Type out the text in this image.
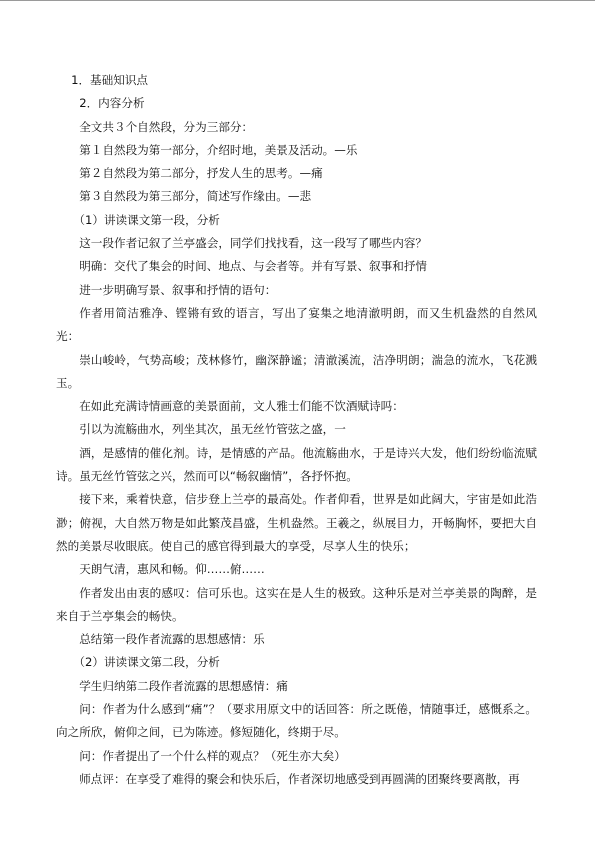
1．基础知识点

2．内容分析

全文共３个自然段，分为三部分：

第１自然段为第一部分，介绍时地，美景及活动。—乐

第２自然段为第二部分，抒发人生的思考。—痛

第３自然段为第三部分，简述写作缘由。—悲

（1）讲读课文第一段，分析

这一段作者记叙了兰亭盛会，同学们找找看，这一段写了哪些内容？

明确：交代了集会的时间、地点、与会者等。并有写景、叙事和抒情

进一步明确写景、叙事和抒情的语句：

作者用简洁雅净、铿锵有致的语言，写出了宴集之地清澈明朗，而又生机盎然的自然风光：

崇山峻岭，气势高峻；茂林修竹，幽深静谧；清澈溪流，洁净明朗；湍急的流水，飞花溅玉。

在如此充满诗情画意的美景面前，文人雅士们能不饮酒赋诗吗：

引以为流觞曲水，列坐其次，虽无丝竹管弦之盛，一

酒，是感情的催化剂。诗，是情感的产品。他流觞曲水，于是诗兴大发，他们纷纷临流赋诗。虽无丝竹管弦之兴，然而可以“畅叙幽情”，各抒怀抱。

接下来，乘着快意，信步登上兰亭的最高处。作者仰看，世界是如此阔大，宇宙是如此浩渺；俯视，大自然万物是如此繁茂昌盛，生机盎然。王羲之，纵展目力，开畅胸怀，要把大自然的美景尽收眼底。使自己的感官得到最大的享受，尽享人生的快乐；

天朗气清，惠风和畅。仰……俯……

作者发出由衷的感叹：信可乐也。这实在是人生的极致。这种乐是对兰亭美景的陶醉，是来自于兰亭集会的畅快。

总结第一段作者流露的思想感情：乐

（2）讲读课文第二段，分析

学生归纳第二段作者流露的思想感情：痛

问：作者为什么感到“痛”？（要求用原文中的话回答：所之既倦，情随事迁，感慨系之。向之所欣，俯仰之间，已为陈迹。修短随化，终期于尽。

问：作者提出了一个什么样的观点？（死生亦大矣）

师点评：在享受了难得的聚会和快乐后，作者深切地感受到再圆满的团聚终要离散，再
